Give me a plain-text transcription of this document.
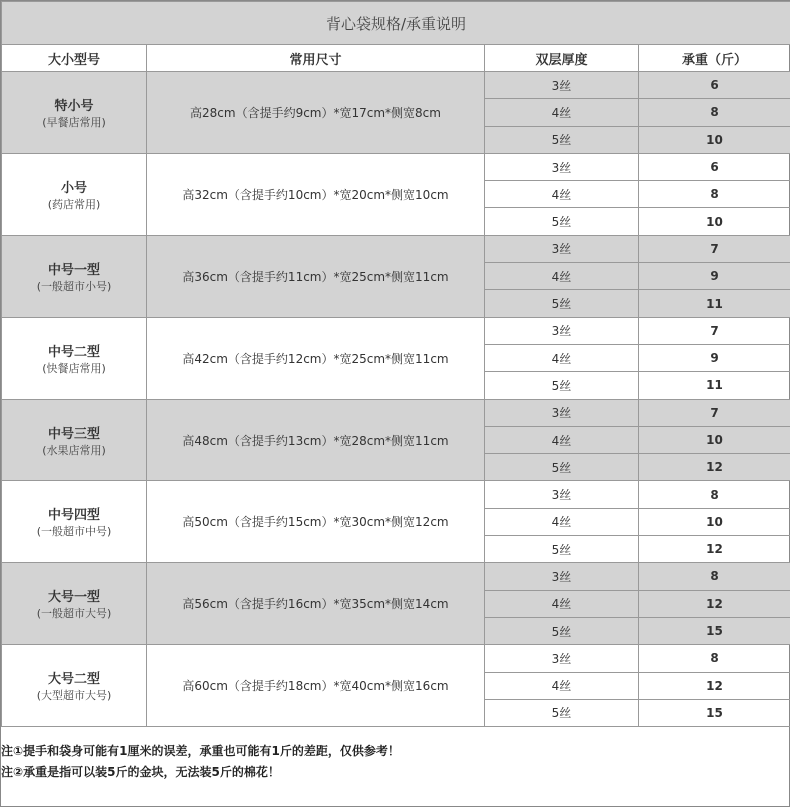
背心袋规格/承重说明			
大小型号	常用尺寸	双层厚度	承重（斤）

特小号
(早餐店常用)	高28cm（含提手约9cm）*宽17cm*侧宽8cm	3丝	6
		4丝	8
		5丝	10

小号
(药店常用)	高32cm（含提手约10cm）*宽20cm*侧宽10cm	3丝	6
		4丝	8
		5丝	10

中号一型
(一般超市小号)	高36cm（含提手约11cm）*宽25cm*侧宽11cm	3丝	7
		4丝	9
		5丝	11

中号二型
(快餐店常用)	高42cm（含提手约12cm）*宽25cm*侧宽11cm	3丝	7
		4丝	9
		5丝	11

中号三型
(水果店常用)	高48cm（含提手约13cm）*宽28cm*侧宽11cm	3丝	7
		4丝	10
		5丝	12

中号四型
(一般超市中号)	高50cm（含提手约15cm）*宽30cm*侧宽12cm	3丝	8
		4丝	10
		5丝	12

大号一型
(一般超市大号)	高56cm（含提手约16cm）*宽35cm*侧宽14cm	3丝	8
		4丝	12
		5丝	15

大号二型
(大型超市大号)	高60cm（含提手约18cm）*宽40cm*侧宽16cm	3丝	8
		4丝	12
		5丝	15
注①提手和袋身可能有1厘米的误差，承重也可能有1斤的差距，仅供参考！
注②承重是指可以装5斤的金块，无法装5斤的棉花！
